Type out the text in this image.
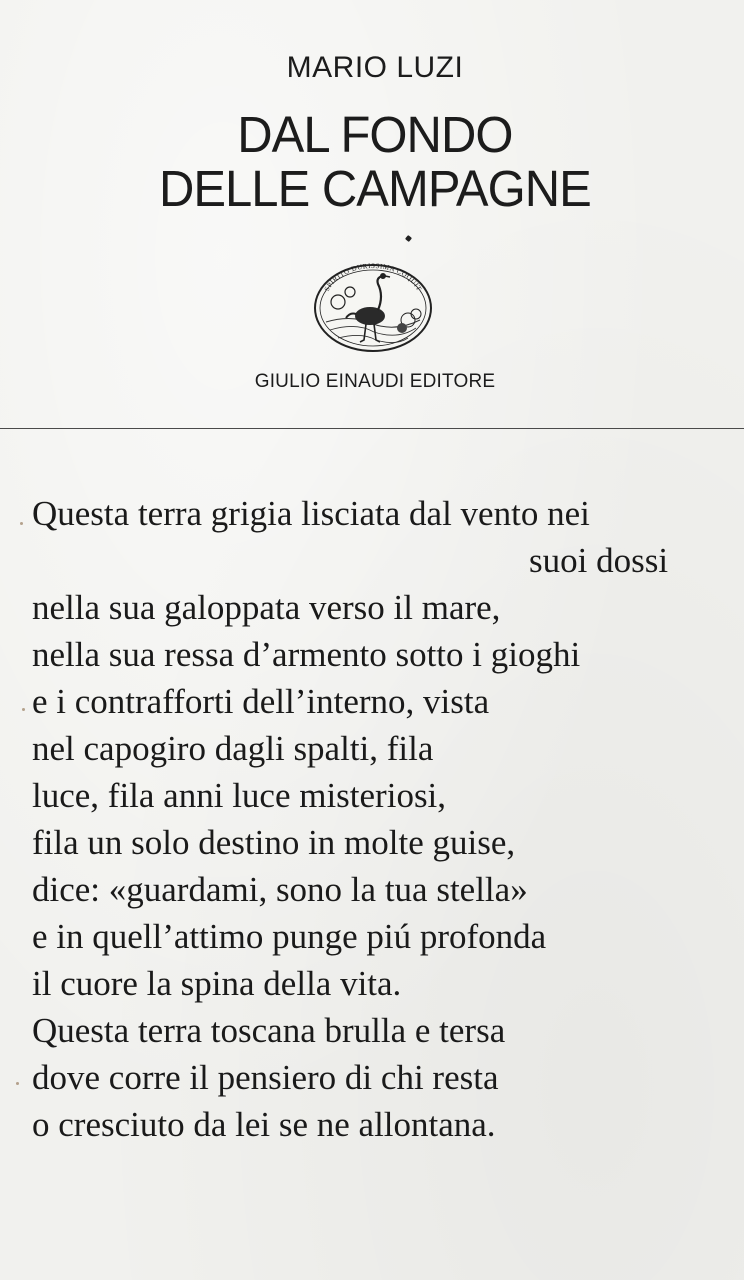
MARIO LUZI
DAL FONDO
DELLE CAMPAGNE
SPIRITO DURISSIMA COQUIT
GIULIO EINAUDI EDITORE
Questa terra grigia lisciata dal vento nei
suoi dossi
nella sua galoppata verso il mare,
nella sua ressa d’armento sotto i gioghi
e i contrafforti dell’interno, vista
nel capogiro dagli spalti, fila
luce, fila anni luce misteriosi,
fila un solo destino in molte guise,
dice: «guardami, sono la tua stella»
e in quell’attimo punge piú profonda
il cuore la spina della vita.
Questa terra toscana brulla e tersa
dove corre il pensiero di chi resta
o cresciuto da lei se ne allontana.
